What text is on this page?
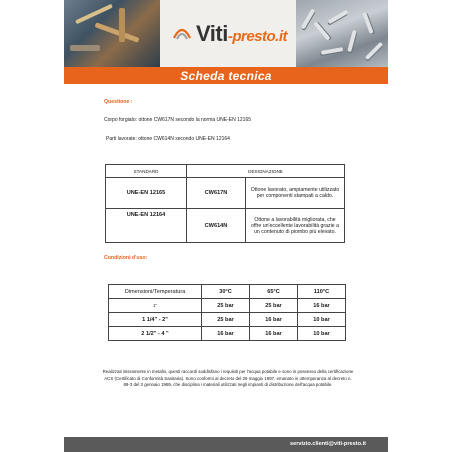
Viti-presto.it
Scheda tecnica
Questione :
Corpo forgiato: ottone CW617N secondo la norma UNE-EN 12165
Parti lavorate: ottone CW614N secondo UNE-EN 12164
STANDARD	DESIGNAZIONE	
UNE-EN 12165	CW617N	Ottone lavorato, ampiamente utilizzato per componenti stampati a caldo.
UNE-EN 12164	CW614N	Ottone a lavorabilità migliorata, che offre un'eccellente lavorabilità grazie a un contenuto di piombo più elevato.
Condizioni d'uso:
Dimensioni/Temperatura	30°C	65°C	110°C
1"	25 bar	25 bar	16 bar
1 1/4" - 2"	25 bar	16 bar	10 bar
2 1/2" - 4 "	16 bar	16 bar	10 bar
Realizzati interamente in metallo, questi raccordi soddisfano i requisiti per l'acqua potabile e sono in possesso della certificazione ACS (Certificato di Conformità Sanitaria). Sono conformi al decreto del 29 maggio 1997, emanato in ottemperanza al decreto n. 89-3 del 3 gennaio 1989, che disciplina i materiali utilizzati negli impianti di distribuzione dell'acqua potabile.
servizio.clienti@viti-presto.it
